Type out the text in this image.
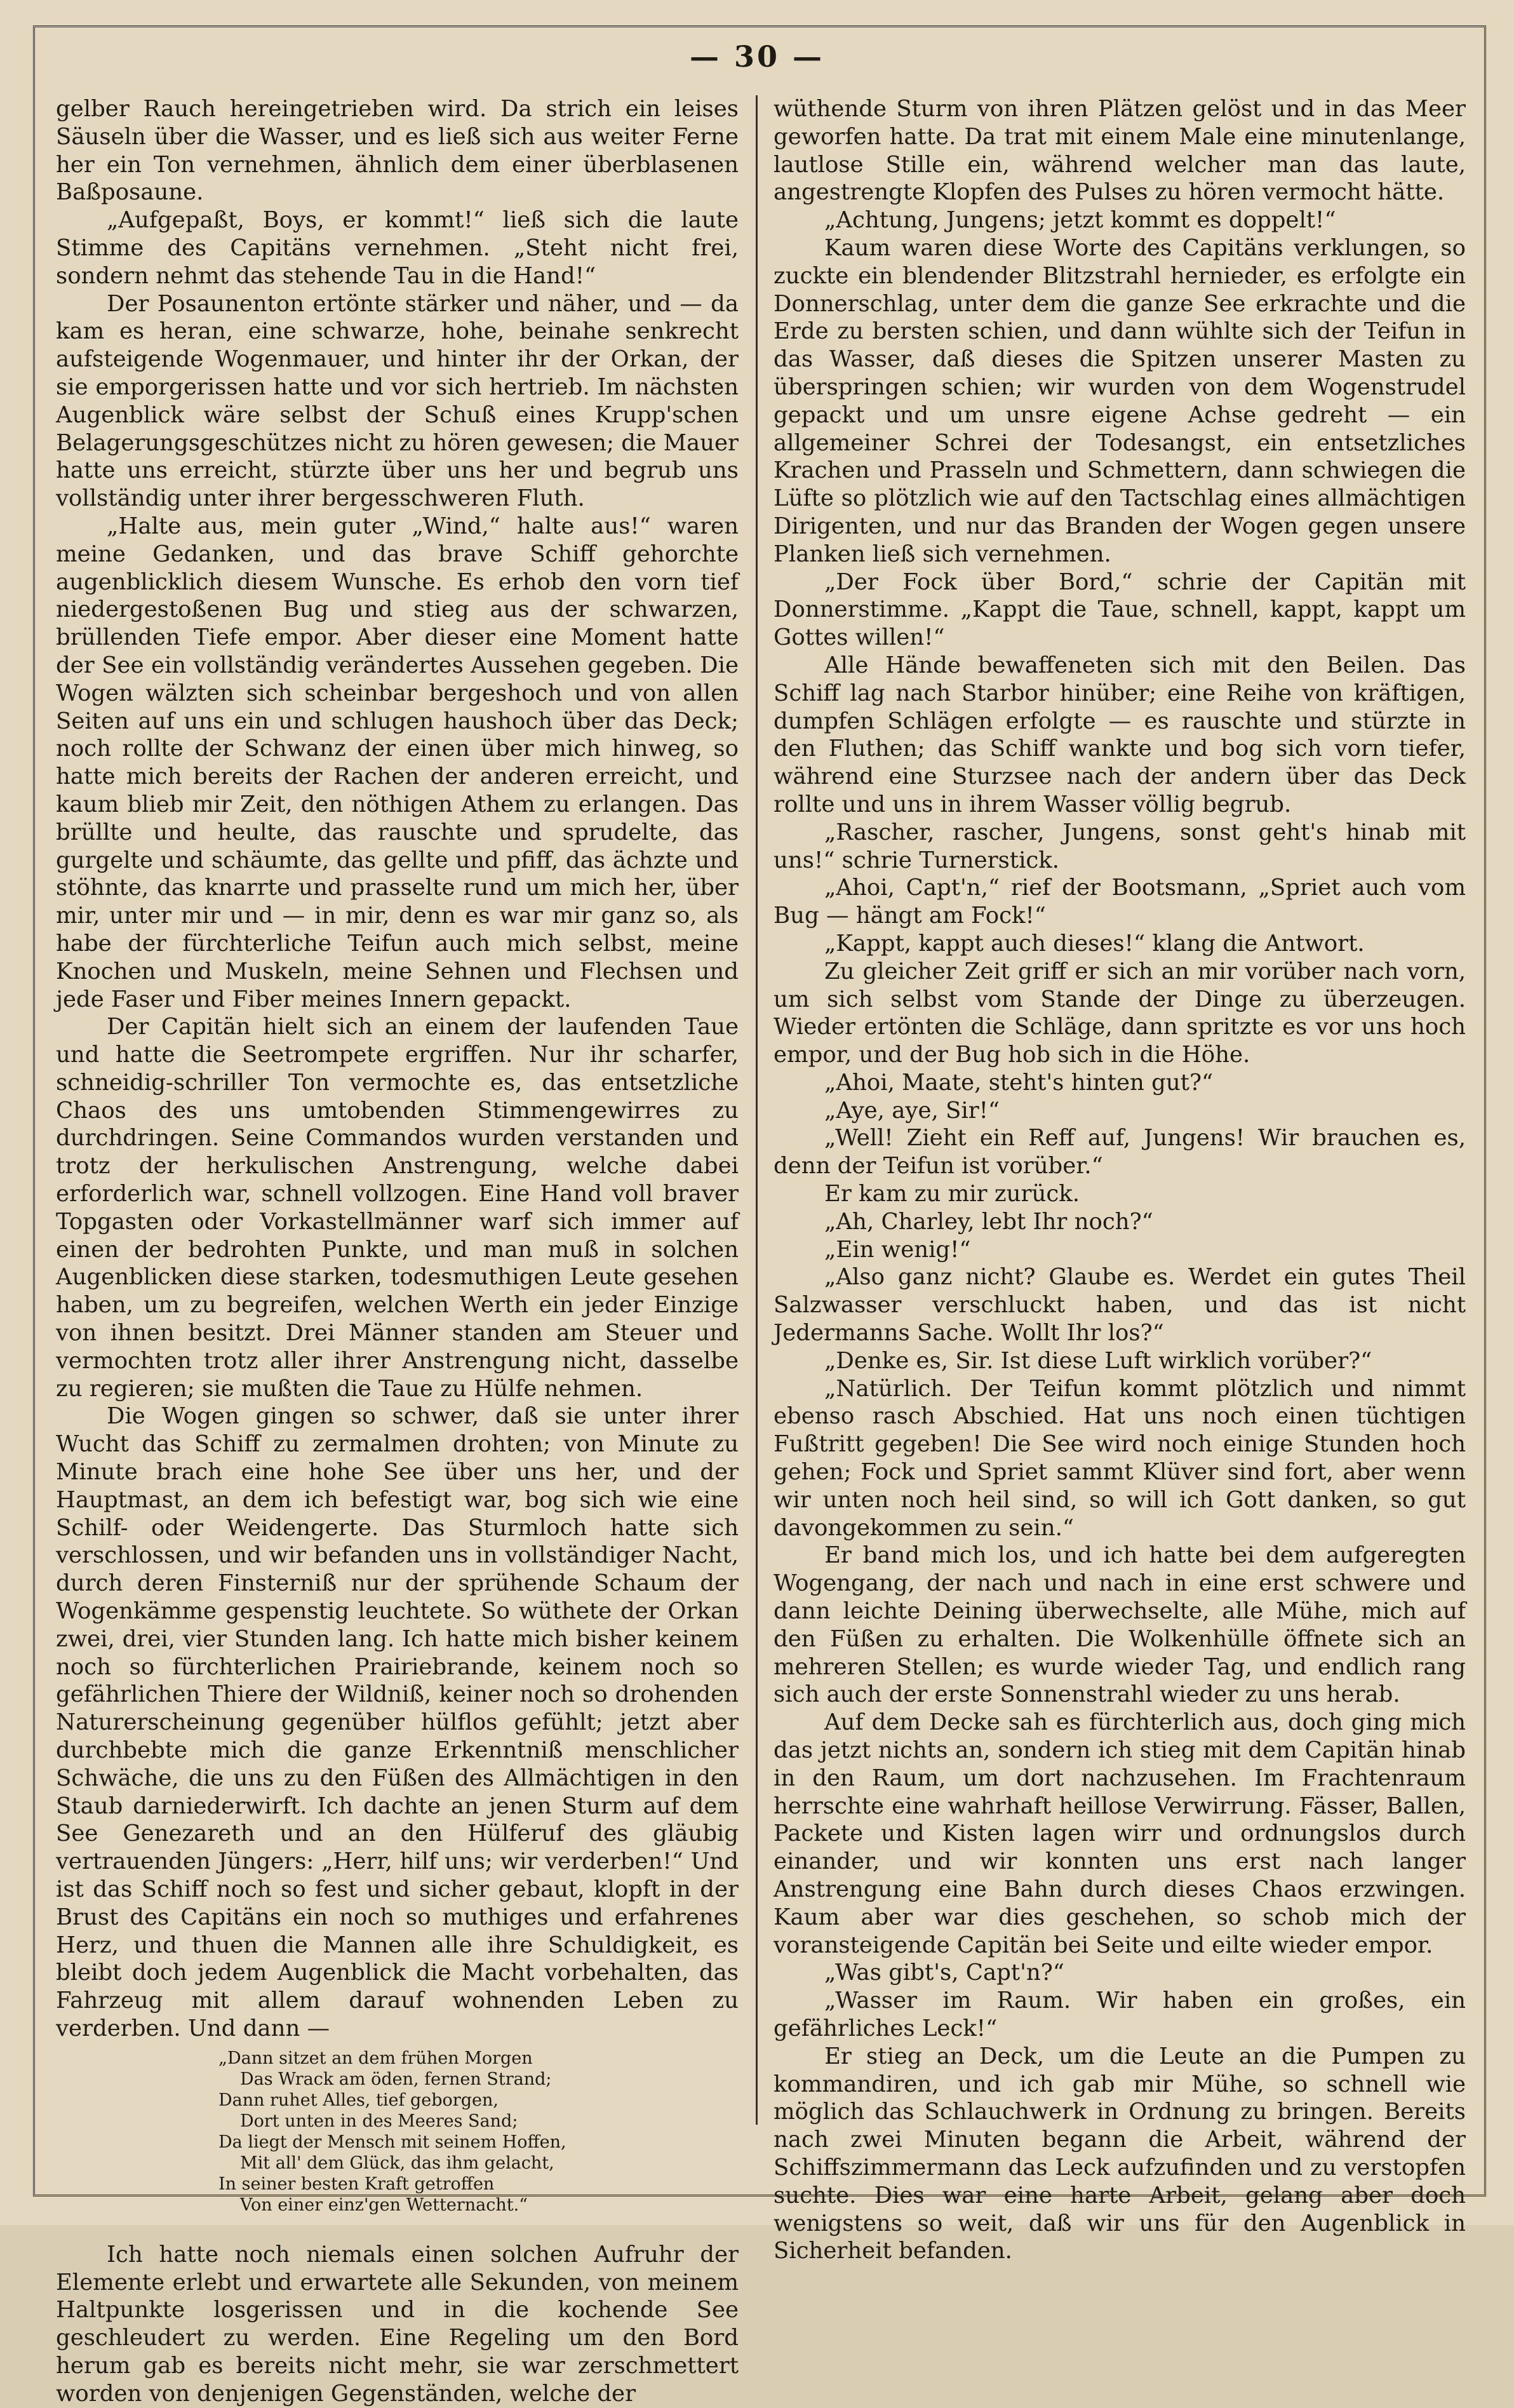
— 30 —

gelber Rauch hereingetrieben wird. Da strich ein leises Säuseln über die Wasser, und es ließ sich aus weiter Ferne her ein Ton vernehmen, ähnlich dem einer überblasenen Baßposaune.

„Aufgepaßt, Boys, er kommt!“ ließ sich die laute Stimme des Capitäns vernehmen. „Steht nicht frei, sondern nehmt das stehende Tau in die Hand!“

Der Posaunenton ertönte stärker und näher, und — da kam es heran, eine schwarze, hohe, beinahe senkrecht aufsteigende Wogenmauer, und hinter ihr der Orkan, der sie emporgerissen hatte und vor sich hertrieb. Im nächsten Augenblick wäre selbst der Schuß eines Krupp'schen Belagerungsgeschützes nicht zu hören gewesen; die Mauer hatte uns erreicht, stürzte über uns her und begrub uns vollständig unter ihrer bergesschweren Fluth.

„Halte aus, mein guter „Wind,“ halte aus!“ waren meine Gedanken, und das brave Schiff gehorchte augenblicklich diesem Wunsche. Es erhob den vorn tief niedergestoßenen Bug und stieg aus der schwarzen, brüllenden Tiefe empor. Aber dieser eine Moment hatte der See ein vollständig verändertes Aussehen gegeben. Die Wogen wälzten sich scheinbar bergeshoch und von allen Seiten auf uns ein und schlugen haushoch über das Deck; noch rollte der Schwanz der einen über mich hinweg, so hatte mich bereits der Rachen der anderen erreicht, und kaum blieb mir Zeit, den nöthigen Athem zu erlangen. Das brüllte und heulte, das rauschte und sprudelte, das gurgelte und schäumte, das gellte und pfiff, das ächzte und stöhnte, das knarrte und prasselte rund um mich her, über mir, unter mir und — in mir, denn es war mir ganz so, als habe der fürchterliche Teifun auch mich selbst, meine Knochen und Muskeln, meine Sehnen und Flechsen und jede Faser und Fiber meines Innern gepackt.

Der Capitän hielt sich an einem der laufenden Taue und hatte die Seetrompete ergriffen. Nur ihr scharfer, schneidig-schriller Ton vermochte es, das entsetzliche Chaos des uns umtobenden Stimmengewirres zu durchdringen. Seine Commandos wurden verstanden und trotz der herkulischen Anstrengung, welche dabei erforderlich war, schnell vollzogen. Eine Hand voll braver Topgasten oder Vorkastellmänner warf sich immer auf einen der bedrohten Punkte, und man muß in solchen Augenblicken diese starken, todesmuthigen Leute gesehen haben, um zu begreifen, welchen Werth ein jeder Einzige von ihnen besitzt. Drei Männer standen am Steuer und vermochten trotz aller ihrer Anstrengung nicht, dasselbe zu regieren; sie mußten die Taue zu Hülfe nehmen.

Die Wogen gingen so schwer, daß sie unter ihrer Wucht das Schiff zu zermalmen drohten; von Minute zu Minute brach eine hohe See über uns her, und der Hauptmast, an dem ich befestigt war, bog sich wie eine Schilf- oder Weidengerte. Das Sturmloch hatte sich verschlossen, und wir befanden uns in vollständiger Nacht, durch deren Finsterniß nur der sprühende Schaum der Wogenkämme gespenstig leuchtete. So wüthete der Orkan zwei, drei, vier Stunden lang. Ich hatte mich bisher keinem noch so fürchterlichen Prairiebrande, keinem noch so gefährlichen Thiere der Wildniß, keiner noch so drohenden Naturerscheinung gegenüber hülflos gefühlt; jetzt aber durchbebte mich die ganze Erkenntniß menschlicher Schwäche, die uns zu den Füßen des Allmächtigen in den Staub darniederwirft. Ich dachte an jenen Sturm auf dem See Genezareth und an den Hülferuf des gläubig vertrauenden Jüngers: „Herr, hilf uns; wir verderben!“ Und ist das Schiff noch so fest und sicher gebaut, klopft in der Brust des Capitäns ein noch so muthiges und erfahrenes Herz, und thuen die Mannen alle ihre Schuldigkeit, es bleibt doch jedem Augenblick die Macht vorbehalten, das Fahrzeug mit allem darauf wohnenden Leben zu verderben. Und dann —

„Dann sitzet an dem frühen Morgen
Das Wrack am öden, fernen Strand;
Dann ruhet Alles, tief geborgen,
Dort unten in des Meeres Sand;
Da liegt der Mensch mit seinem Hoffen,
Mit all' dem Glück, das ihm gelacht,
In seiner besten Kraft getroffen
Von einer einz'gen Wetternacht.“

Ich hatte noch niemals einen solchen Aufruhr der Elemente erlebt und erwartete alle Sekunden, von meinem Haltpunkte losgerissen und in die kochende See geschleudert zu werden. Eine Regeling um den Bord herum gab es bereits nicht mehr, sie war zerschmettert worden von denjenigen Gegenständen, welche der

wüthende Sturm von ihren Plätzen gelöst und in das Meer geworfen hatte. Da trat mit einem Male eine minutenlange, lautlose Stille ein, während welcher man das laute, angestrengte Klopfen des Pulses zu hören vermocht hätte.

„Achtung, Jungens; jetzt kommt es doppelt!“

Kaum waren diese Worte des Capitäns verklungen, so zuckte ein blendender Blitzstrahl hernieder, es erfolgte ein Donnerschlag, unter dem die ganze See erkrachte und die Erde zu bersten schien, und dann wühlte sich der Teifun in das Wasser, daß dieses die Spitzen unserer Masten zu überspringen schien; wir wurden von dem Wogenstrudel gepackt und um unsre eigene Achse gedreht — ein allgemeiner Schrei der Todesangst, ein entsetzliches Krachen und Prasseln und Schmettern, dann schwiegen die Lüfte so plötzlich wie auf den Tactschlag eines allmächtigen Dirigenten, und nur das Branden der Wogen gegen unsere Planken ließ sich vernehmen.

„Der Fock über Bord,“ schrie der Capitän mit Donnerstimme. „Kappt die Taue, schnell, kappt, kappt um Gottes willen!“

Alle Hände bewaffeneten sich mit den Beilen. Das Schiff lag nach Starbor hinüber; eine Reihe von kräftigen, dumpfen Schlägen erfolgte — es rauschte und stürzte in den Fluthen; das Schiff wankte und bog sich vorn tiefer, während eine Sturzsee nach der andern über das Deck rollte und uns in ihrem Wasser völlig begrub.

„Rascher, rascher, Jungens, sonst geht's hinab mit uns!“ schrie Turnerstick.

„Ahoi, Capt'n,“ rief der Bootsmann, „Spriet auch vom Bug — hängt am Fock!“

„Kappt, kappt auch dieses!“ klang die Antwort.

Zu gleicher Zeit griff er sich an mir vorüber nach vorn, um sich selbst vom Stande der Dinge zu überzeugen. Wieder ertönten die Schläge, dann spritzte es vor uns hoch empor, und der Bug hob sich in die Höhe.

„Ahoi, Maate, steht's hinten gut?“

„Aye, aye, Sir!“

„Well! Zieht ein Reff auf, Jungens! Wir brauchen es, denn der Teifun ist vorüber.“

Er kam zu mir zurück.

„Ah, Charley, lebt Ihr noch?“

„Ein wenig!“

„Also ganz nicht? Glaube es. Werdet ein gutes Theil Salzwasser verschluckt haben, und das ist nicht Jedermanns Sache. Wollt Ihr los?“

„Denke es, Sir. Ist diese Luft wirklich vorüber?“

„Natürlich. Der Teifun kommt plötzlich und nimmt ebenso rasch Abschied. Hat uns noch einen tüchtigen Fußtritt gegeben! Die See wird noch einige Stunden hoch gehen; Fock und Spriet sammt Klüver sind fort, aber wenn wir unten noch heil sind, so will ich Gott danken, so gut davongekommen zu sein.“

Er band mich los, und ich hatte bei dem aufgeregten Wogengang, der nach und nach in eine erst schwere und dann leichte Deining überwechselte, alle Mühe, mich auf den Füßen zu erhalten. Die Wolkenhülle öffnete sich an mehreren Stellen; es wurde wieder Tag, und endlich rang sich auch der erste Sonnenstrahl wieder zu uns herab.

Auf dem Decke sah es fürchterlich aus, doch ging mich das jetzt nichts an, sondern ich stieg mit dem Capitän hinab in den Raum, um dort nachzusehen. Im Frachtenraum herrschte eine wahrhaft heillose Verwirrung. Fässer, Ballen, Packete und Kisten lagen wirr und ordnungslos durch einander, und wir konnten uns erst nach langer Anstrengung eine Bahn durch dieses Chaos erzwingen. Kaum aber war dies geschehen, so schob mich der voransteigende Capitän bei Seite und eilte wieder empor.

„Was gibt's, Capt'n?“

„Wasser im Raum. Wir haben ein großes, ein gefährliches Leck!“

Er stieg an Deck, um die Leute an die Pumpen zu kommandiren, und ich gab mir Mühe, so schnell wie möglich das Schlauchwerk in Ordnung zu bringen. Bereits nach zwei Minuten begann die Arbeit, während der Schiffszimmermann das Leck aufzufinden und zu verstopfen suchte. Dies war eine harte Arbeit, gelang aber doch wenigstens so weit, daß wir uns für den Augenblick in Sicherheit befanden.
